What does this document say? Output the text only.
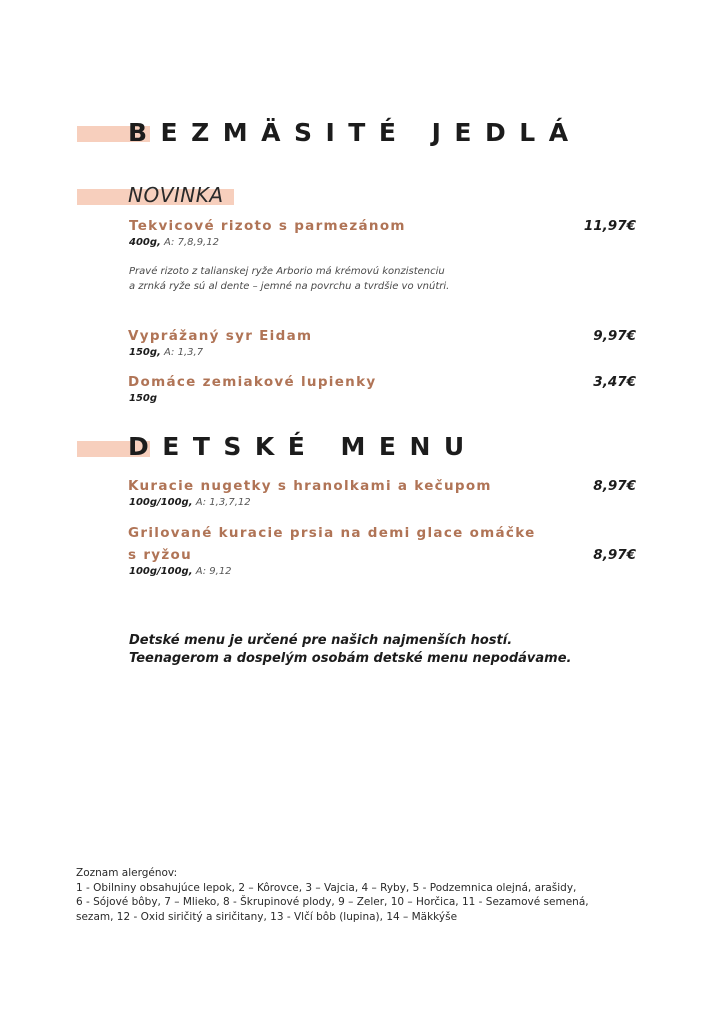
BEZMÄSITÉ JEDLÁ
NOVINKA
Tekvicové rizoto s parmezánom	11,97€
400g, A: 7,8,9,12
Pravé rizoto z talianskej ryže Arborio má krémovú konzistenciu
a zrnká ryže sú al dente – jemné na povrchu a tvrdšie vo vnútri.
Vyprážaný syr Eidam	9,97€
150g, A: 1,3,7
Domáce zemiakové lupienky	3,47€
150g
DETSKÉ MENU
Kuracie nugetky s hranolkami a kečupom	8,97€
100g/100g, A: 1,3,7,12
Grilované kuracie prsia na demi glace omáčke
s ryžou	8,97€
100g/100g, A: 9,12
Detské menu je určené pre našich najmenších hostí.
Teenagerom a dospelým osobám detské menu nepodávame.
Zoznam alergénov:
1 - Obilniny obsahujúce lepok, 2 – Kôrovce, 3 – Vajcia, 4 – Ryby, 5 - Podzemnica olejná, arašidy,
6 - Sójové bôby, 7 – Mlieko, 8 - Škrupinové plody, 9 – Zeler, 10 – Horčica, 11 - Sezamové semená,
sezam, 12 - Oxid siričitý a siričitany, 13 - Vlčí bôb (lupina), 14 – Mäkkýše
